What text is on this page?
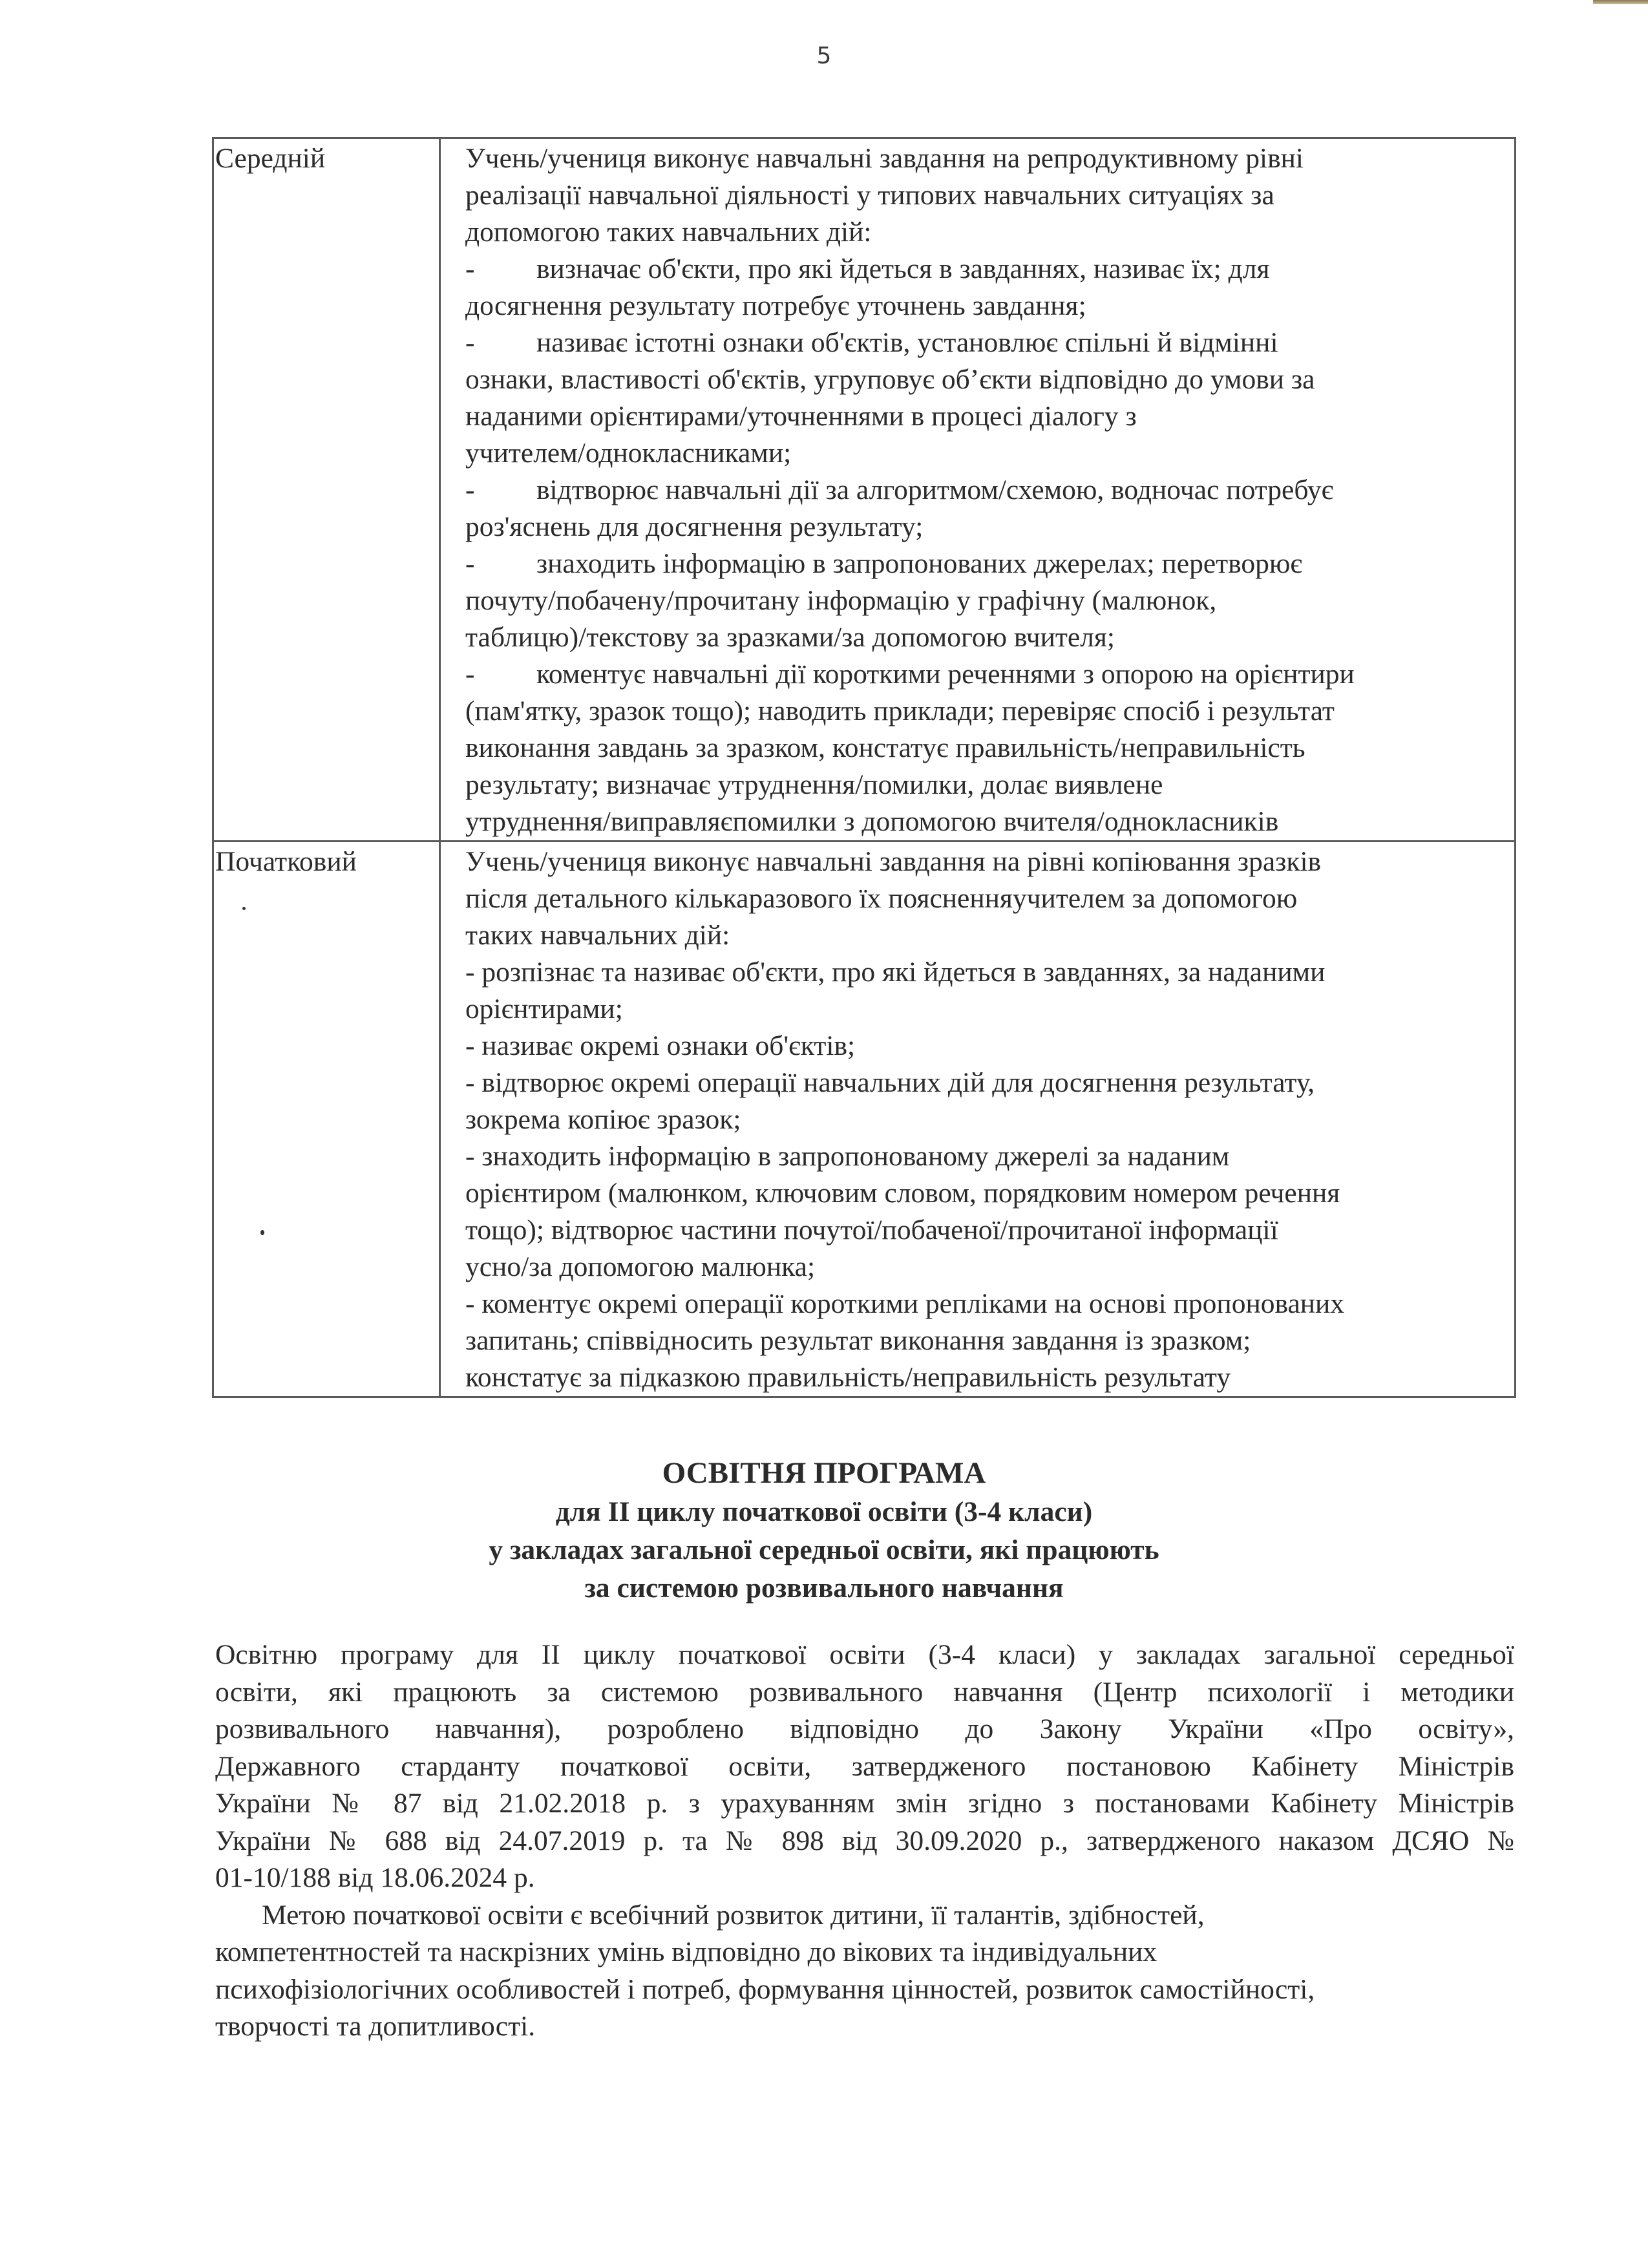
5
Середній	Учень/учениця виконує навчальні завдання на репродуктивному рівні
реалізації навчальної діяльності у типових навчальних ситуаціях за
допомогою таких навчальних дій:
- визначає об'єкти, про які йдеться в завданнях, називає їх; для
досягнення результату потребує уточнень завдання;
- називає істотні ознаки об'єктів, установлює спільні й відмінні
ознаки, властивості об'єктів, угруповує об’єкти відповідно до умови за
наданими орієнтирами/уточненнями в процесі діалогу з
учителем/однокласниками;
- відтворює навчальні дії за алгоритмом/схемою, водночас потребує
роз'яснень для досягнення результату;
- знаходить інформацію в запропонованих джерелах; перетворює
почуту/побачену/прочитану інформацію у графічну (малюнок,
таблицю)/текстову за зразками/за допомогою вчителя;
- коментує навчальні дії короткими реченнями з опорою на орієнтири
(пам'ятку, зразок тощо); наводить приклади; перевіряє спосіб і результат
виконання завдань за зразком, констатує правильність/неправильність
результату; визначає утруднення/помилки, долає виявлене
утруднення/виправляєпомилки з допомогою вчителя/однокласників

Початковий	Учень/учениця виконує навчальні завдання на рівні копіювання зразків
після детального кількаразового їх поясненняучителем за допомогою
таких навчальних дій:
- розпізнає та називає об'єкти, про які йдеться в завданнях, за наданими
орієнтирами;
- називає окремі ознаки об'єктів;
- відтворює окремі операції навчальних дій для досягнення результату,
зокрема копіює зразок;
- знаходить інформацію в запропонованому джерелі за наданим
орієнтиром (малюнком, ключовим словом, порядковим номером речення
тощо); відтворює частини почутої/побаченої/прочитаної інформації
усно/за допомогою малюнка;
- коментує окремі операції короткими репліками на основі пропонованих
запитань; співвідносить результат виконання завдання із зразком;
констатує за підказкою правильність/неправильність результату
ОСВІТНЯ ПРОГРАМА
для ІІ циклу початкової освіти (3-4 класи)
у закладах загальної середньої освіти, які працюють
за системою розвивального навчання
Освітню програму для ІІ циклу початкової освіти (3-4 класи) у закладах загальної середньої
освіти, які працюють за системою розвивального навчання (Центр психології і методики
розвивального навчання), розроблено відповідно до Закону України «Про освіту»,
Державного старданту початкової освіти, затвердженого постановою Кабінету Міністрів
України № 87 від 21.02.2018 р. з урахуванням змін згідно з постановами Кабінету Міністрів
України № 688 від 24.07.2019 р. та № 898 від 30.09.2020 р., затвердженого наказом ДСЯО №
01-10/188 від 18.06.2024 р.
Метою початкової освіти є всебічний розвиток дитини, її талантів, здібностей,
компетентностей та наскрізних умінь відповідно до вікових та індивідуальних
психофізіологічних особливостей і потреб, формування цінностей, розвиток самостійності,
творчості та допитливості.
